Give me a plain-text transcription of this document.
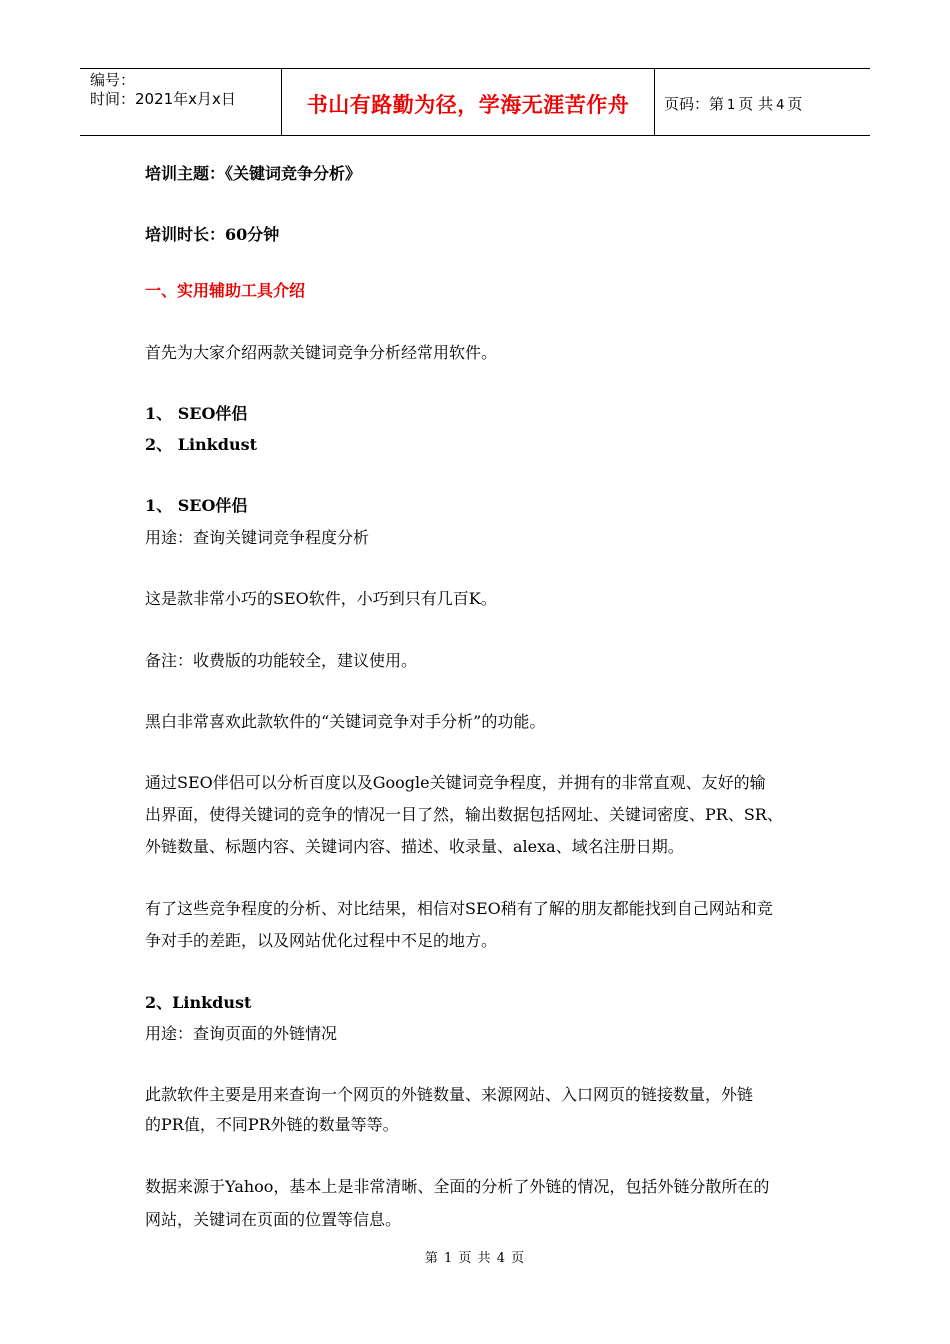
编号：
时间：2021年x月x日	书山有路勤为径，学海无涯苦作舟	页码：第 1 页 共 4 页
培训主题：《关键词竞争分析》
培训时长：60分钟
一、实用辅助工具介绍
首先为大家介绍两款关键词竞争分析经常用软件。
1、 SEO伴侣
2、 Linkdust
1、 SEO伴侣
用途：查询关键词竞争程度分析
这是款非常小巧的SEO软件，小巧到只有几百K。
备注：收费版的功能较全，建议使用。
黑白非常喜欢此款软件的“关键词竞争对手分析”的功能。
通过SEO伴侣可以分析百度以及Google关键词竞争程度，并拥有的非常直观、友好的输
出界面，使得关键词的竞争的情况一目了然，输出数据包括网址、关键词密度、PR、SR、
外链数量、标题内容、关键词内容、描述、收录量、alexa、域名注册日期。
有了这些竞争程度的分析、对比结果，相信对SEO稍有了解的朋友都能找到自己网站和竞
争对手的差距，以及网站优化过程中不足的地方。
2、Linkdust
用途：查询页面的外链情况
此款软件主要是用来查询一个网页的外链数量、来源网站、入口网页的链接数量，外链
的PR值，不同PR外链的数量等等。
数据来源于Yahoo，基本上是非常清晰、全面的分析了外链的情况，包括外链分散所在的
网站，关键词在页面的位置等信息。
第 1 页 共 4 页
